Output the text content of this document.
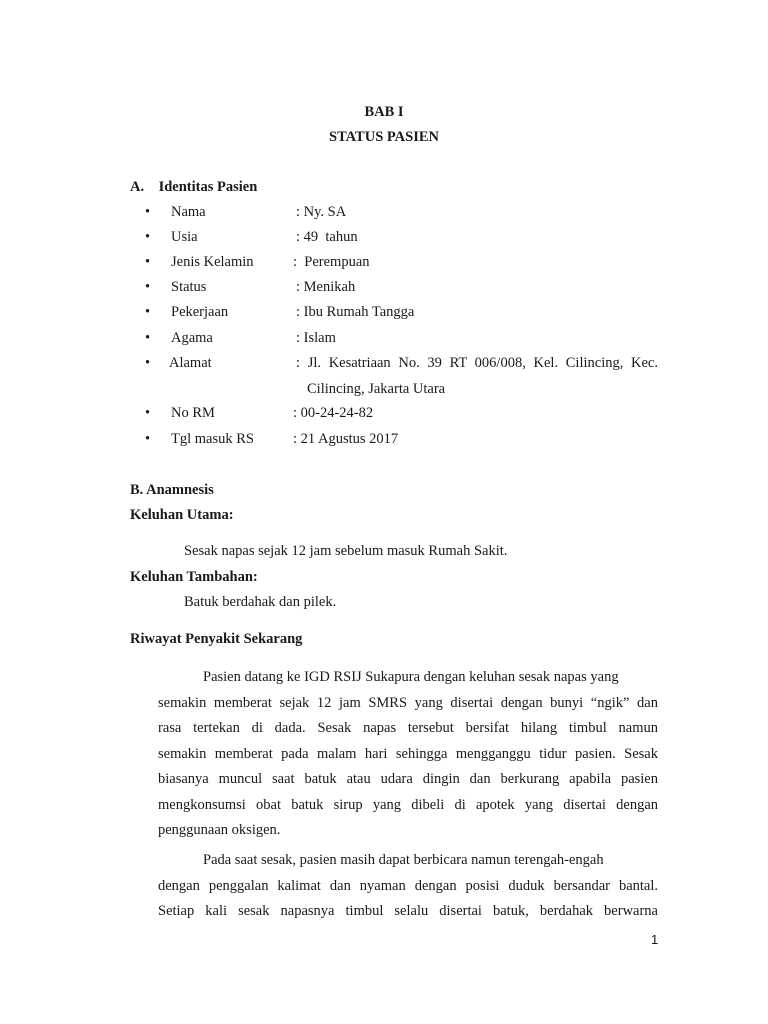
BAB I
STATUS PASIEN
A.    Identitas Pasien
• Nama	: Ny. SA
• Usia	: 49  tahun
• Jenis Kelamin	:  Perempuan
• Status	: Menikah
• Pekerjaan	: Ibu Rumah Tangga
• Agama	: Islam
• Alamat	: Jl. Kesatriaan No. 39 RT 006/008, Kel. Cilincing, Kec.
Cilincing, Jakarta Utara
• No RM	: 00-24-24-82
• Tgl masuk RS	: 21 Agustus 2017
B. Anamnesis
Keluhan Utama:
Sesak napas sejak 12 jam sebelum masuk Rumah Sakit.
Keluhan Tambahan:
Batuk berdahak dan pilek.
Riwayat Penyakit Sekarang
Pasien datang ke IGD RSIJ Sukapura dengan keluhan sesak napas yang
semakin memberat sejak 12 jam SMRS yang disertai dengan bunyi “ngik” dan
rasa tertekan di dada. Sesak napas tersebut bersifat hilang timbul namun
semakin memberat pada malam hari sehingga mengganggu tidur pasien. Sesak
biasanya muncul saat batuk atau udara dingin dan berkurang apabila pasien
mengkonsumsi obat batuk sirup yang dibeli di apotek yang disertai dengan
penggunaan oksigen.
Pada saat sesak, pasien masih dapat berbicara namun terengah-engah
dengan penggalan kalimat dan nyaman dengan posisi duduk bersandar bantal.
Setiap kali sesak napasnya timbul selalu disertai batuk, berdahak berwarna
1
